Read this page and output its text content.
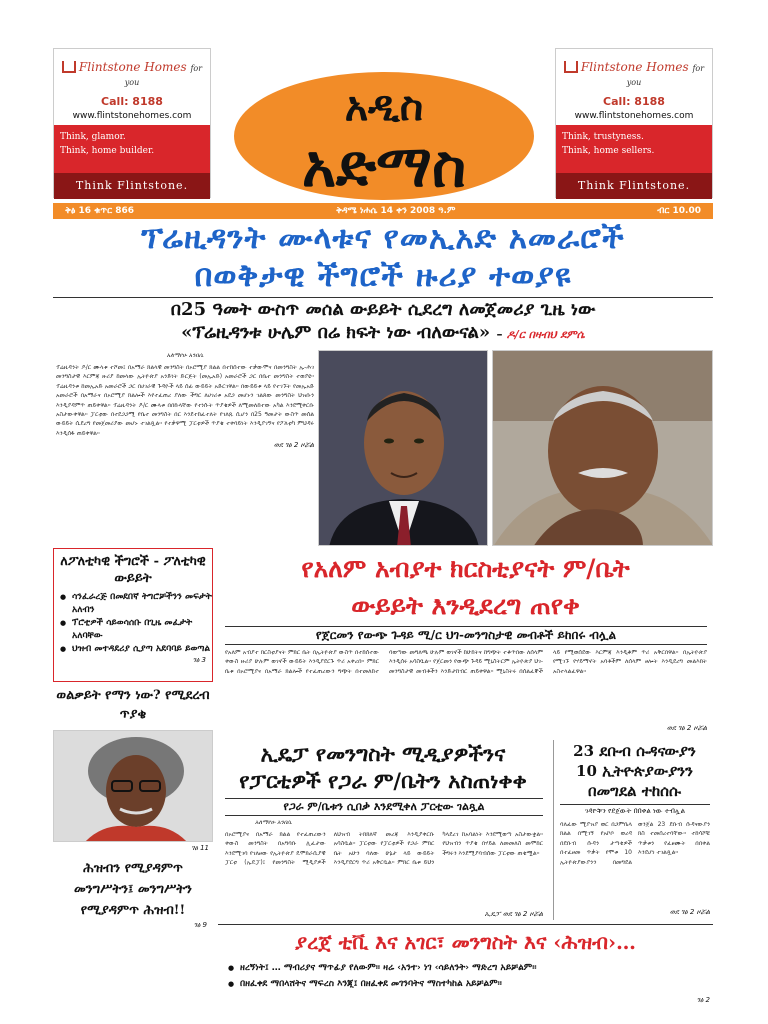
Flintstone Homes for you
Call: 8188
www.flintstonehomes.com
Think, glamor.
Think, home builder.
Think Flintstone.
አዲስ
አድማስ
Flintstone Homes for you
Call: 8188
www.flintstonehomes.com
Think, trustyness.
Think, home sellers.
Think Flintstone.
ቅፅ 16 ቁጥር 866	ቅዳሜ ነሐሴ 14 ቀን 2008 ዓ.ም	ብር 10.00
ፕሬዚዳንት ሙላቱና የመኢአድ አመራሮች
በወቅታዊ ችግሮች ዙሪያ ተወያዩ
በ25 ዓመት ውስጥ መሰል ውይይት ሲደረግ ለመጀመሪያ ጊዜ ነው
«ፕሬዚዳንቱ ሁሌም በሬ ክፍት ነው ብለውናል» – ዶ/ር በዛብህ ደምሴ
አለማየሁ አንበሴ
ፕሬዚዳንት ዶ/ር ሙላቱ ተሾመ፤ በአማራ ክልላዊ መንግስት በኦሮሚያ ክልል በተከሰተው ተቃውሞና በመንግስት ኢ-ሕገ መንግስታዊ እርምጃ ዙሪያ ከመላው ኢትዮጵያ አንድነት ድርጅት (መኢአድ) አመራሮች ጋር በቤተ መንግስት ተወያዩ፡፡ ፕሬዚዳንቱ ከመኢአድ አመራሮች ጋር በሀገራዊ ጉዳዮች ላይ ሰፊ ውይይት አድርገዋል፡፡ በውይይቱ ላይ የተገኙት የመኢአድ አመራሮች በአማራና በኦሮሚያ ክልሎች እየተፈጠረ ያለው ችግር ለሀገሪቱ አደጋ መሆኑን ገልጸው መንግስት ህዝቡን እንዲያዳምጥ ጠይቀዋል፡፡ ፕሬዚዳንት ዶ/ር ሙላቱ በበኩላቸው የተነሱት ጥያቄዎች ለሚመለከተው አካል እንደሚቀርቡ አስታውቀዋል፡፡ ፓርቲው በተደጋጋሚ የቤተ መንግስት በር እንደተከፈተለት የገለጹ ሲሆን በ25 ዓመታት ውስጥ መሰል ውይይት ሲደረግ የመጀመሪያው መሆኑ ተገልጿል፡፡ የተቃዋሚ ፓርቲዎች ጥያቄ ተቀባይነት እንዲያገኝና የፖለቲካ ምህዳሩ እንዲሰፋ ጠይቀዋል፡፡
ወደ ገፅ 2 ዞሯል
ለፖለቲካዊ ችግሮች - ፖለቲካዊ ውይይት
● ሳንፈራረጅ በመደበኛ ትግሮቻችንን መፍታት አለብን
● ፕሮቲዎች ሳይወሳሰቡ በጊዜ መፈታት አለባቸው
● ህዝብ መተዳደሪያ ሲያጣ አደባባይ ይወጣል
ገፅ 3
ወልቃይት የማን ነው? የሚደረብ ጥያቄ
ገፅ 11
ሕዝብን የሚያዳምጥ መንግሥትን፤ መንግሥትን የሚያዳምጥ ሕዝብ!!
ገፅ 9
የአለም አብያተ ክርስቲያናት ም/ቤት
ውይይት እንዲደረግ ጠየቀ
የጀርመን የውጭ ጉዳይ ሚ/ር ህገ-መንግስታዊ መብቶች ይከበሩ ብሏል
የአለም አብያተ ክርስቲያናት ምክር ቤት በኢትዮጵያ ውስጥ በተከሰተው ቀውስ ዙሪያ ሁሉም ወገኖች ውይይት እንዲያደርጉ ጥሪ አቀረበ፡፡ ምክር ቤቱ በኦሮሚያና በአማራ ክልሎች የተፈጠረውን ግጭት በተመለከተ ባወጣው መግለጫ ሁሉም ወገኖች ከሁከትና ከግጭት ተቆጥበው ለሰላም እንዲሰሩ አሳስቧል፡፡ የጀርመን የውጭ ጉዳይ ሚኒስትርም ኢትዮጵያ ህገ-መንግስታዊ መብቶችን እንድታከብር ጠይቀዋል፡፡ ሚኒስትሩ በሰልፈኞች ላይ የሚወሰደው እርምጃ እንዲቆም ጥሪ አቅርበዋል፡፡ በኢትዮጵያ የሚገኙ የሃይማኖት አባቶችም ለሰላም ፀሎት እንዲደረግ መልእክት አስተላልፈዋል፡፡
ወደ ገፅ 2 ዞሯል
ኢዴፓ የመንግስት ሚዲያዎችንና
የፓርቲዎች የጋራ ም/ቤትን አስጠነቀቀ
የጋራ ም/ቤቱን ሲበቃ እንደሚቀለ ፓርቲው ገልጿል
አለማየሁ አንበሴ
በኦሮሚያና በአማራ ክልል የተፈጠረውን ቀውስ መንግስት በአግባቡ ሊፈታው እንደሚገባ የገለፀው የኢትዮጵያ ዴሞክራሲያዊ ፓርቲ (ኢዴፓ)፤ የመንግስት ሚዲያዎች ለህዝብ ትክክለኛ መረጃ እንዲያቀርቡ አሳስቧል፡፡ ፓርቲው የፓርቲዎች የጋራ ምክር ቤት አሁን ባለው ሁኔታ ላይ ውይይት እንዲያደርግ ጥሪ አቅርቧል፡፡ ምክር ቤቱ ይህን ካላደረገ ከአባልነት እንደሚወጣ አስታውቋል፡፡ የህዝብን ጥያቄ በሃይል ለመመለስ መሞከር ችግሩን እንደሚያባብሰው ፓርቲው ጠቁሟል፡፡
ኢዴፓ ወደ ገፅ 2 ዞሯል
23 ደቡብ ሱዳናውያን
10 ኢትዮጵያውያንን
በመግደል ተከሰሱ
ገዳዮቹን የደጀውት በበቀል ነው ተብሏል
ባለፈው ሚያዝያ ወር በጋምቤላ ክልል በሚገኝ የአኮቦ ወረዳ በደቡብ ሱዳን ታጣቂዎች በተፈፀመ ጥቃት የሞቱ 10 ኢትዮጵያውያንን በመግደል ወንጀል 23 ደቡብ ሱዳናውያን ክስ ተመሰረተባቸው፡፡ ተከሳሾቹ ጥቃቱን የፈፀሙት በበቀል እንደሆነ ተገልጿል፡፡
ወደ ገፅ 2 ዞሯል
ያረጀ ቲቪ እና አገር፣ መንግስት እና ‹ሕዝብ›…
● ዘረኝነት፤ … ማብሪያና ማጥፊያ የለውም፡፡ ዛሬ ‹አንተ› ነገ ‹ሳይለንት› ማድረግ አይቻልም፡፡
● በዘፈቀደ ማበላሸትና ማፍረስ እንጂ፤ በዘፈቀደ መገንባትና ማስተካከል አይቻልም፡፡
ገፅ 2
